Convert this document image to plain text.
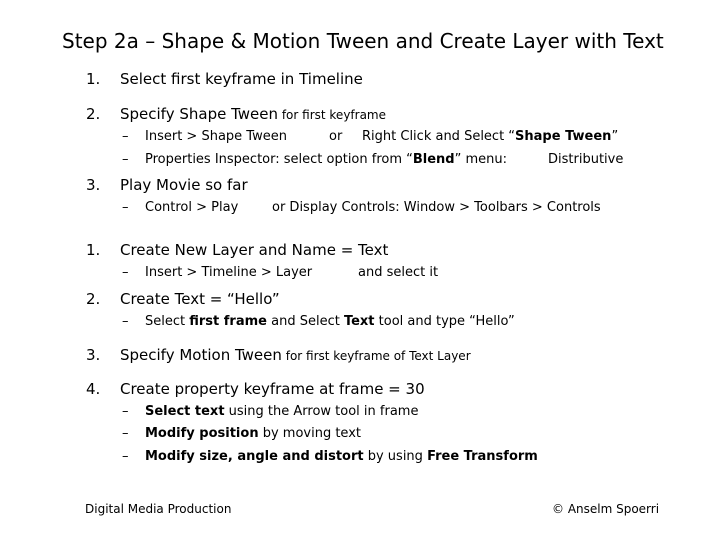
Step 2a – Shape & Motion Tween and Create Layer with Text
1. Select first keyframe in Timeline
2. Specify Shape Tween for first keyframe
– Insert > Shape Tween	or Right Click and Select “Shape Tween”
– Properties Inspector: select option from “Blend” menu:	Distributive
3. Play Movie so far
– Control > Play	or Display Controls: Window > Toolbars > Controls
1. Create New Layer and Name = Text
– Insert > Timeline > Layer	and select it
2. Create Text = “Hello”
– Select first frame and Select Text tool and type “Hello”
3. Specify Motion Tween for first keyframe of Text Layer
4. Create property keyframe at frame = 30
– Select text using the Arrow tool in frame
– Modify position by moving text
– Modify size, angle and distort by using Free Transform
Digital Media Production	© Anselm Spoerri
